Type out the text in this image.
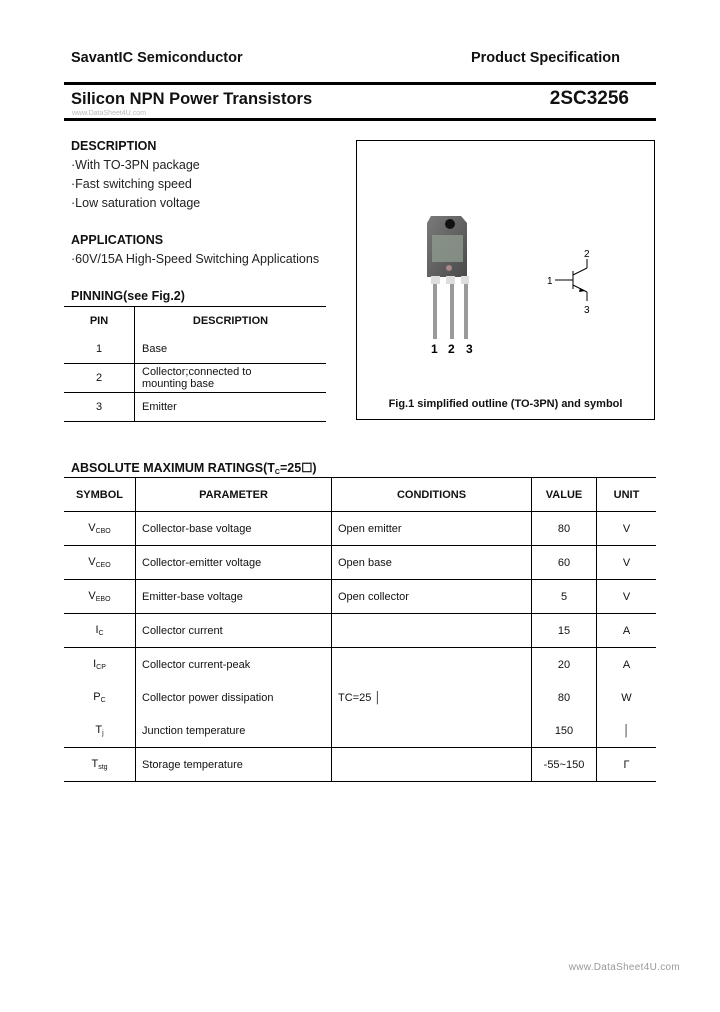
SavantIC Semiconductor	Product Specification
Silicon NPN Power Transistors
www.DataSheet4U.com
2SC3256
DESCRIPTION
·With TO-3PN package
·Fast switching speed
·Low saturation voltage
APPLICATIONS
·60V/15A High-Speed Switching Applications
PINNING(see Fig.2)
PIN	DESCRIPTION
1	Base
2	Collector;connected to mounting base
3	Emitter
1 2 3
2
1
3
Fig.1 simplified outline (TO-3PN) and symbol
ABSOLUTE MAXIMUM $RATINGS(T_C=25☐)$
SYMBOL	PARAMETER	CONDITIONS	VALUE	UNIT
$V_{CBO}$	Collector-base voltage	Open emitter	80	V
$V_{CEO}$	Collector-emitter voltage	Open base	60	V
$V_{EBO}$	Emitter-base voltage	Open collector	5	V
$I_C$	Collector current		15	A
$I_{CP}$	Collector current-peak		20	A
$P_C$	Collector power dissipation	TC=25 │	80	W
$T_j$	Junction temperature		150	│
$T_{stg}$	Storage temperature		-55~150	Γ
www.DataSheet4U.com
